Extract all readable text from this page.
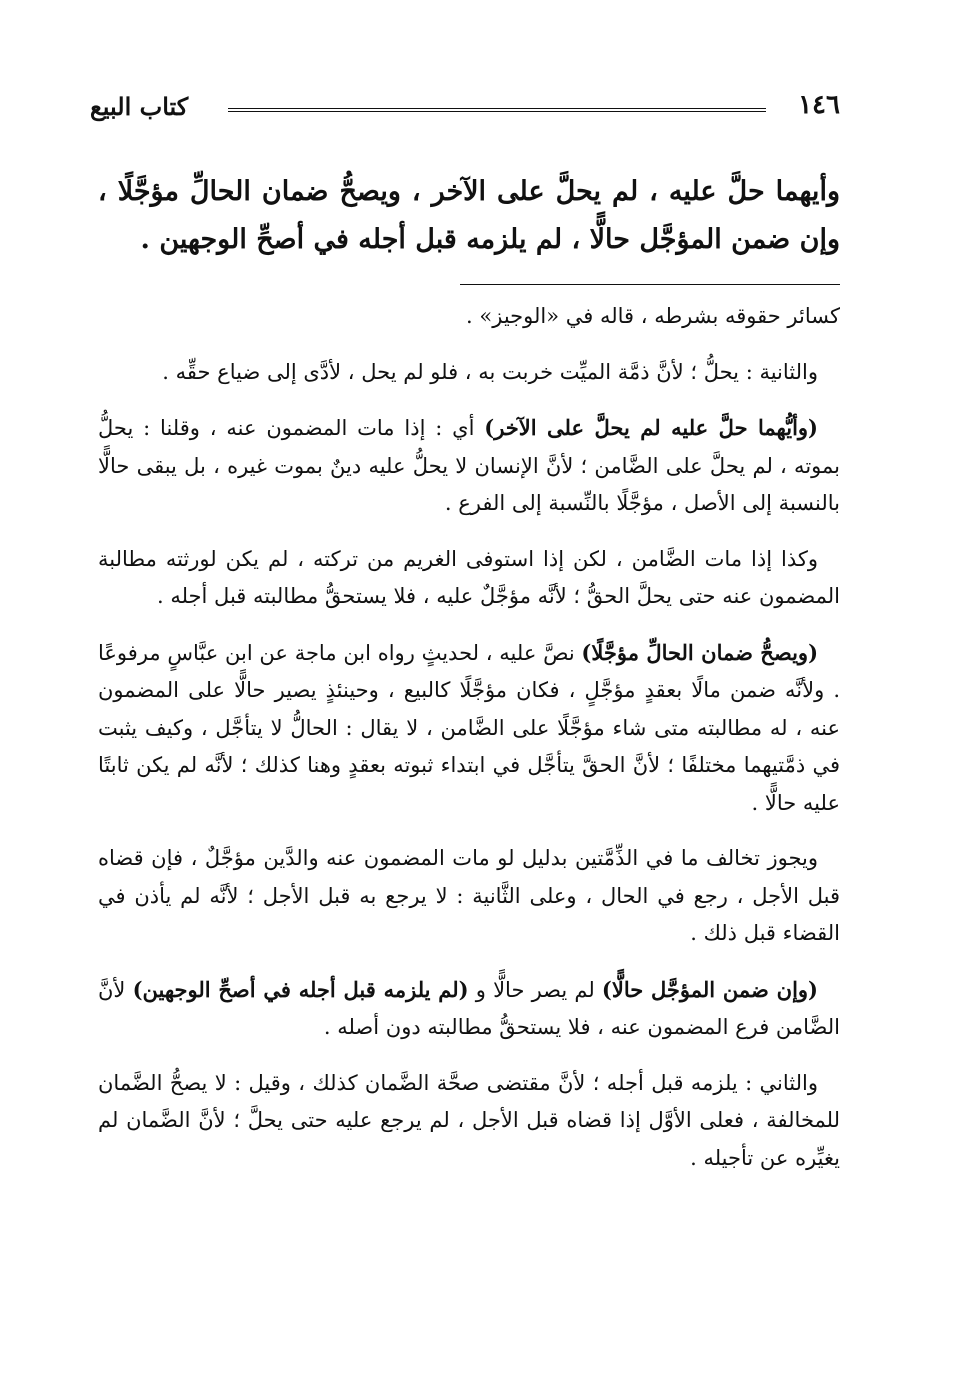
١٤٦
كتاب البيع

وأيهما حلَّ عليه ، لم يحلَّ على الآخر ، ويصحُّ ضمان الحالِّ مؤجَّلًا ، وإن ضمن المؤجَّل حالًّا ، لم يلزمه قبل أجله في أصحِّ الوجهين .

كسائر حقوقه بشرطه ، قاله في «الوجيز» .

والثانية : يحلُّ ؛ لأنَّ ذمَّة الميِّت خربت به ، فلو لم يحل ، لأدَّى إلى ضياع حقِّه .

(وأيُّهما حلَّ عليه لم يحلَّ على الآخر) أي : إذا مات المضمون عنه ، وقلنا : يحلُّ بموته ، لم يحلَّ على الضَّامن ؛ لأنَّ الإنسان لا يحلُّ عليه دينٌ بموت غيره ، بل يبقى حالًّا بالنسبة إلى الأصل ، مؤجَّلًا بالنِّسبة إلى الفرع .

وكذا إذا مات الضَّامن ، لكن إذا استوفى الغريم من تركته ، لم يكن لورثته مطالبة المضمون عنه حتى يحلَّ الحقُّ ؛ لأنَّه مؤجَّلٌ عليه ، فلا يستحقُّ مطالبته قبل أجله .

(ويصحُّ ضمان الحالِّ مؤجَّلًا) نصَّ عليه ، لحديثٍ رواه ابن ماجة عن ابن عبَّاسٍ مرفوعًا . ولأنَّه ضمن مالًا بعقدٍ مؤجَّلٍ ، فكان مؤجَّلًا كالبيع ، وحينئذٍ يصير حالًّا على المضمون عنه ، له مطالبته متى شاء مؤجَّلًا على الضَّامن ، لا يقال : الحالُّ لا يتأجَّل ، وكيف يثبت في ذمَّتيهما مختلفًا ؛ لأنَّ الحقَّ يتأجَّل في ابتداء ثبوته بعقدٍ وهنا كذلك ؛ لأنَّه لم يكن ثابتًا عليه حالًّا .

ويجوز تخالف ما في الذِّمَّتين بدليل لو مات المضمون عنه والدَّين مؤجَّلٌ ، فإن قضاه قبل الأجل ، رجع في الحال ، وعلى الثَّانية : لا يرجع به قبل الأجل ؛ لأنَّه لم يأذن في القضاء قبل ذلك .

(وإن ضمن المؤجَّل حالًّا) لم يصر حالًّا و (لم يلزمه قبل أجله في أصحِّ الوجهين) لأنَّ الضَّامن فرع المضمون عنه ، فلا يستحقُّ مطالبته دون أصله .

والثاني : يلزمه قبل أجله ؛ لأنَّ مقتضى صحَّة الضَّمان كذلك ، وقيل : لا يصحُّ الضَّمان للمخالفة ، فعلى الأوَّل إذا قضاه قبل الأجل ، لم يرجع عليه حتى يحلَّ ؛ لأنَّ الضَّمان لم يغيِّره عن تأجيله .
